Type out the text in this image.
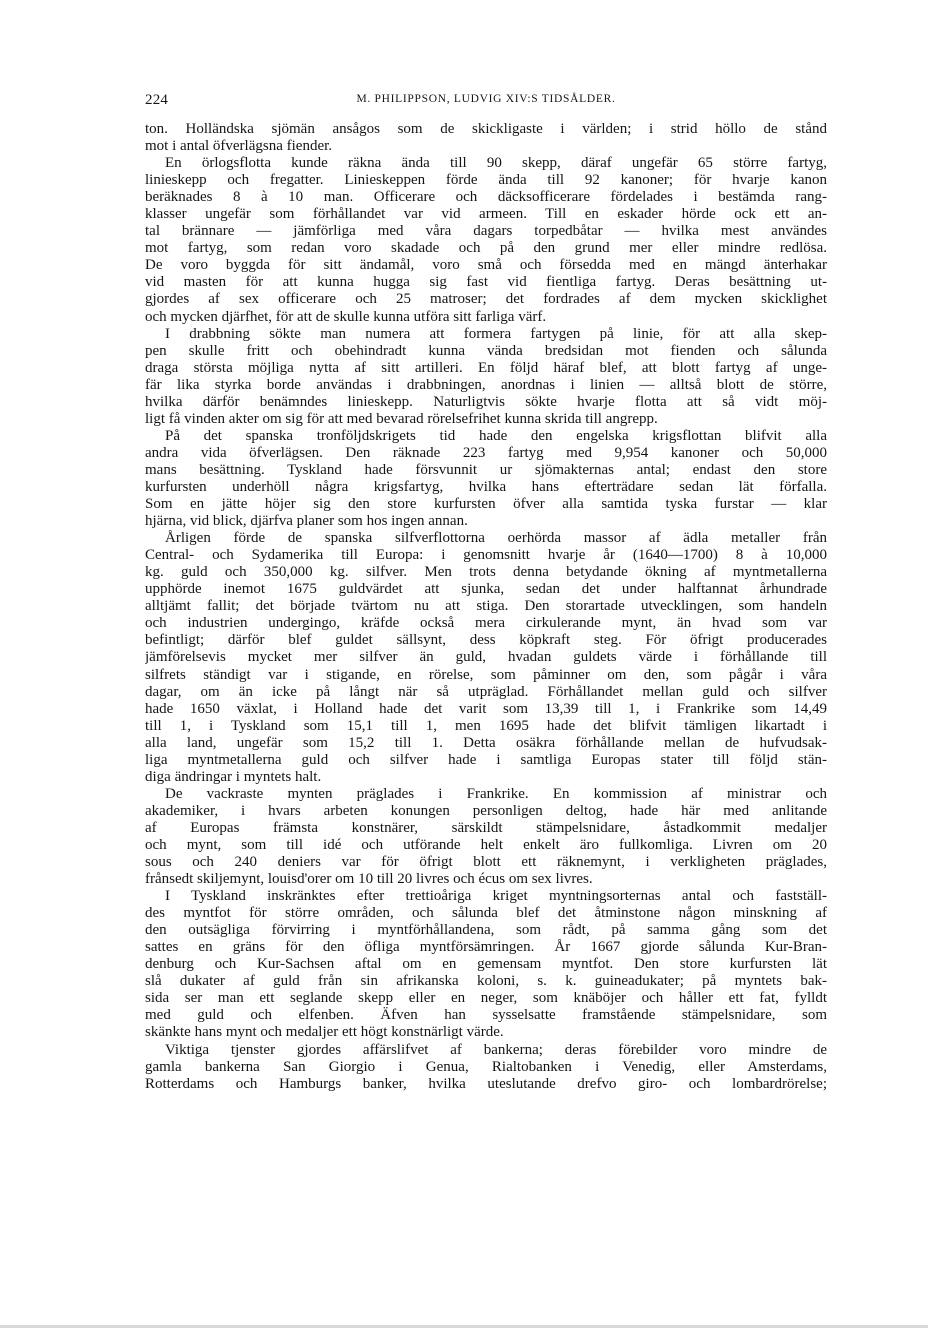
224	M. PHILIPPSON, LUDVIG XIV:S TIDSÅLDER.
ton. Holländska sjömän ansågos som de skickligaste i världen; i strid höllo de stånd
mot i antal öfverlägsna fiender.
En örlogsflotta kunde räkna ända till 90 skepp, däraf ungefär 65 större fartyg,
linieskepp och fregatter. Linieskeppen förde ända till 92 kanoner; för hvarje kanon
beräknades 8 à 10 man. Officerare och däcksofficerare fördelades i bestämda rang-
klasser ungefär som förhållandet var vid armeen. Till en eskader hörde ock ett an-
tal brännare — jämförliga med våra dagars torpedbåtar — hvilka mest användes
mot fartyg, som redan voro skadade och på den grund mer eller mindre redlösa.
De voro byggda för sitt ändamål, voro små och försedda med en mängd änterhakar
vid masten för att kunna hugga sig fast vid fientliga fartyg. Deras besättning ut-
gjordes af sex officerare och 25 matroser; det fordrades af dem mycken skicklighet
och mycken djärfhet, för att de skulle kunna utföra sitt farliga värf.
I drabbning sökte man numera att formera fartygen på linie, för att alla skep-
pen skulle fritt och obehindradt kunna vända bredsidan mot fienden och sålunda
draga största möjliga nytta af sitt artilleri. En följd häraf blef, att blott fartyg af unge-
fär lika styrka borde användas i drabbningen, anordnas i linien — alltså blott de större,
hvilka därför benämndes linieskepp. Naturligtvis sökte hvarje flotta att så vidt möj-
ligt få vinden akter om sig för att med bevarad rörelsefrihet kunna skrida till angrepp.
På det spanska tronföljdskrigets tid hade den engelska krigsflottan blifvit alla
andra vida öfverlägsen. Den räknade 223 fartyg med 9,954 kanoner och 50,000
mans besättning. Tyskland hade försvunnit ur sjömakternas antal; endast den store
kurfursten underhöll några krigsfartyg, hvilka hans efterträdare sedan lät förfalla.
Som en jätte höjer sig den store kurfursten öfver alla samtida tyska furstar — klar
hjärna, vid blick, djärfva planer som hos ingen annan.
Årligen förde de spanska silfverflottorna oerhörda massor af ädla metaller från
Central- och Sydamerika till Europa: i genomsnitt hvarje år (1640—1700) 8 à 10,000
kg. guld och 350,000 kg. silfver. Men trots denna betydande ökning af myntmetallerna
upphörde inemot 1675 guldvärdet att sjunka, sedan det under halftannat århundrade
alltjämt fallit; det började tvärtom nu att stiga. Den storartade utvecklingen, som handeln
och industrien undergingo, kräfde också mera cirkulerande mynt, än hvad som var
befintligt; därför blef guldet sällsynt, dess köpkraft steg. För öfrigt producerades
jämförelsevis mycket mer silfver än guld, hvadan guldets värde i förhållande till
silfrets ständigt var i stigande, en rörelse, som påminner om den, som pågår i våra
dagar, om än icke på långt när så utpräglad. Förhållandet mellan guld och silfver
hade 1650 växlat, i Holland hade det varit som 13,39 till 1, i Frankrike som 14,49
till 1, i Tyskland som 15,1 till 1, men 1695 hade det blifvit tämligen likartadt i
alla land, ungefär som 15,2 till 1. Detta osäkra förhållande mellan de hufvudsak-
liga myntmetallerna guld och silfver hade i samtliga Europas stater till följd stän-
diga ändringar i myntets halt.
De vackraste mynten präglades i Frankrike. En kommission af ministrar och
akademiker, i hvars arbeten konungen personligen deltog, hade här med anlitande
af Europas främsta konstnärer, särskildt stämpelsnidare, åstadkommit medaljer
och mynt, som till idé och utförande helt enkelt äro fullkomliga. Livren om 20
sous och 240 deniers var för öfrigt blott ett räknemynt, i verkligheten präglades,
frånsedt skiljemynt, louisd'orer om 10 till 20 livres och écus om sex livres.
I Tyskland inskränktes efter trettioåriga kriget myntningsorternas antal och fastställ-
des myntfot för större områden, och sålunda blef det åtminstone någon minskning af
den outsägliga förvirring i myntförhållandena, som rådt, på samma gång som det
sattes en gräns för den öfliga myntförsämringen. År 1667 gjorde sålunda Kur-Bran-
denburg och Kur-Sachsen aftal om en gemensam myntfot. Den store kurfursten lät
slå dukater af guld från sin afrikanska koloni, s. k. guineadukater; på myntets bak-
sida ser man ett seglande skepp eller en neger, som knäböjer och håller ett fat, fylldt
med guld och elfenben. Äfven han sysselsatte framstående stämpelsnidare, som
skänkte hans mynt och medaljer ett högt konstnärligt värde.
Viktiga tjenster gjordes affärslifvet af bankerna; deras förebilder voro mindre de
gamla bankerna San Giorgio i Genua, Rialtobanken i Venedig, eller Amsterdams,
Rotterdams och Hamburgs banker, hvilka uteslutande drefvo giro- och lombardrörelse;
